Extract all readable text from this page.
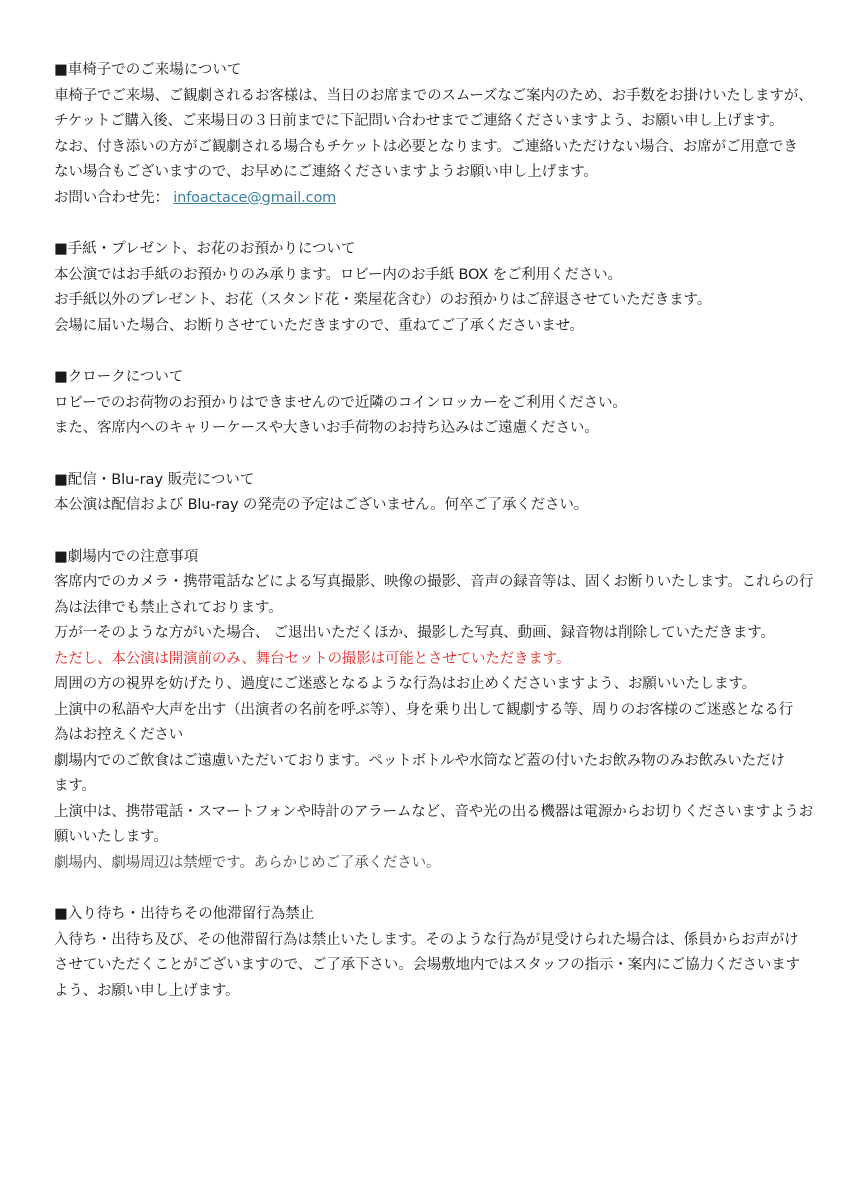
■車椅子でのご来場について
車椅子でご来場、ご観劇されるお客様は、当日のお席までのスムーズなご案内のため、お手数をお掛けいたしますが、
チケットご購入後、ご来場日の３日前までに下記問い合わせまでご連絡くださいますよう、お願い申し上げます。
なお、付き添いの方がご観劇される場合もチケットは必要となります。ご連絡いただけない場合、お席がご用意でき
ない場合もございますので、お早めにご連絡くださいますようお願い申し上げます。
お問い合わせ先： infoactace@gmail.com
■手紙・プレゼント、お花のお預かりについて
本公演ではお手紙のお預かりのみ承ります。ロビー内のお手紙 BOX をご利用ください。
お手紙以外のプレゼント、お花（スタンド花・楽屋花含む）のお預かりはご辞退させていただきます。
会場に届いた場合、お断りさせていただきますので、重ねてご了承くださいませ。
■クロークについて
ロビーでのお荷物のお預かりはできませんので近隣のコインロッカーをご利用ください。
また、客席内へのキャリーケースや大きいお手荷物のお持ち込みはご遠慮ください。
■配信・Blu-ray 販売について
本公演は配信および Blu-ray の発売の予定はございません。何卒ご了承ください。
■劇場内での注意事項
客席内でのカメラ・携帯電話などによる写真撮影、映像の撮影、音声の録音等は、固くお断りいたします。これらの行
為は法律でも禁止されております。
万が一そのような方がいた場合、 ご退出いただくほか、撮影した写真、動画、録音物は削除していただきます。
ただし、本公演は開演前のみ、舞台セットの撮影は可能とさせていただきます。
周囲の方の視界を妨げたり、過度にご迷惑となるような行為はお止めくださいますよう、お願いいたします。
上演中の私語や大声を出す（出演者の名前を呼ぶ等）、身を乗り出して観劇する等、周りのお客様のご迷惑となる行
為はお控えください
劇場内でのご飲食はご遠慮いただいております。ペットボトルや水筒など蓋の付いたお飲み物のみお飲みいただけ
ます。
上演中は、携帯電話・スマートフォンや時計のアラームなど、音や光の出る機器は電源からお切りくださいますようお
願いいたします。
劇場内、劇場周辺は禁煙です。あらかじめご了承ください。
■入り待ち・出待ちその他滞留行為禁止
入待ち・出待ち及び、その他滞留行為は禁止いたします。そのような行為が見受けられた場合は、係員からお声がけ
させていただくことがございますので、ご了承下さい。会場敷地内ではスタッフの指示・案内にご協力くださいます
よう、お願い申し上げます。
